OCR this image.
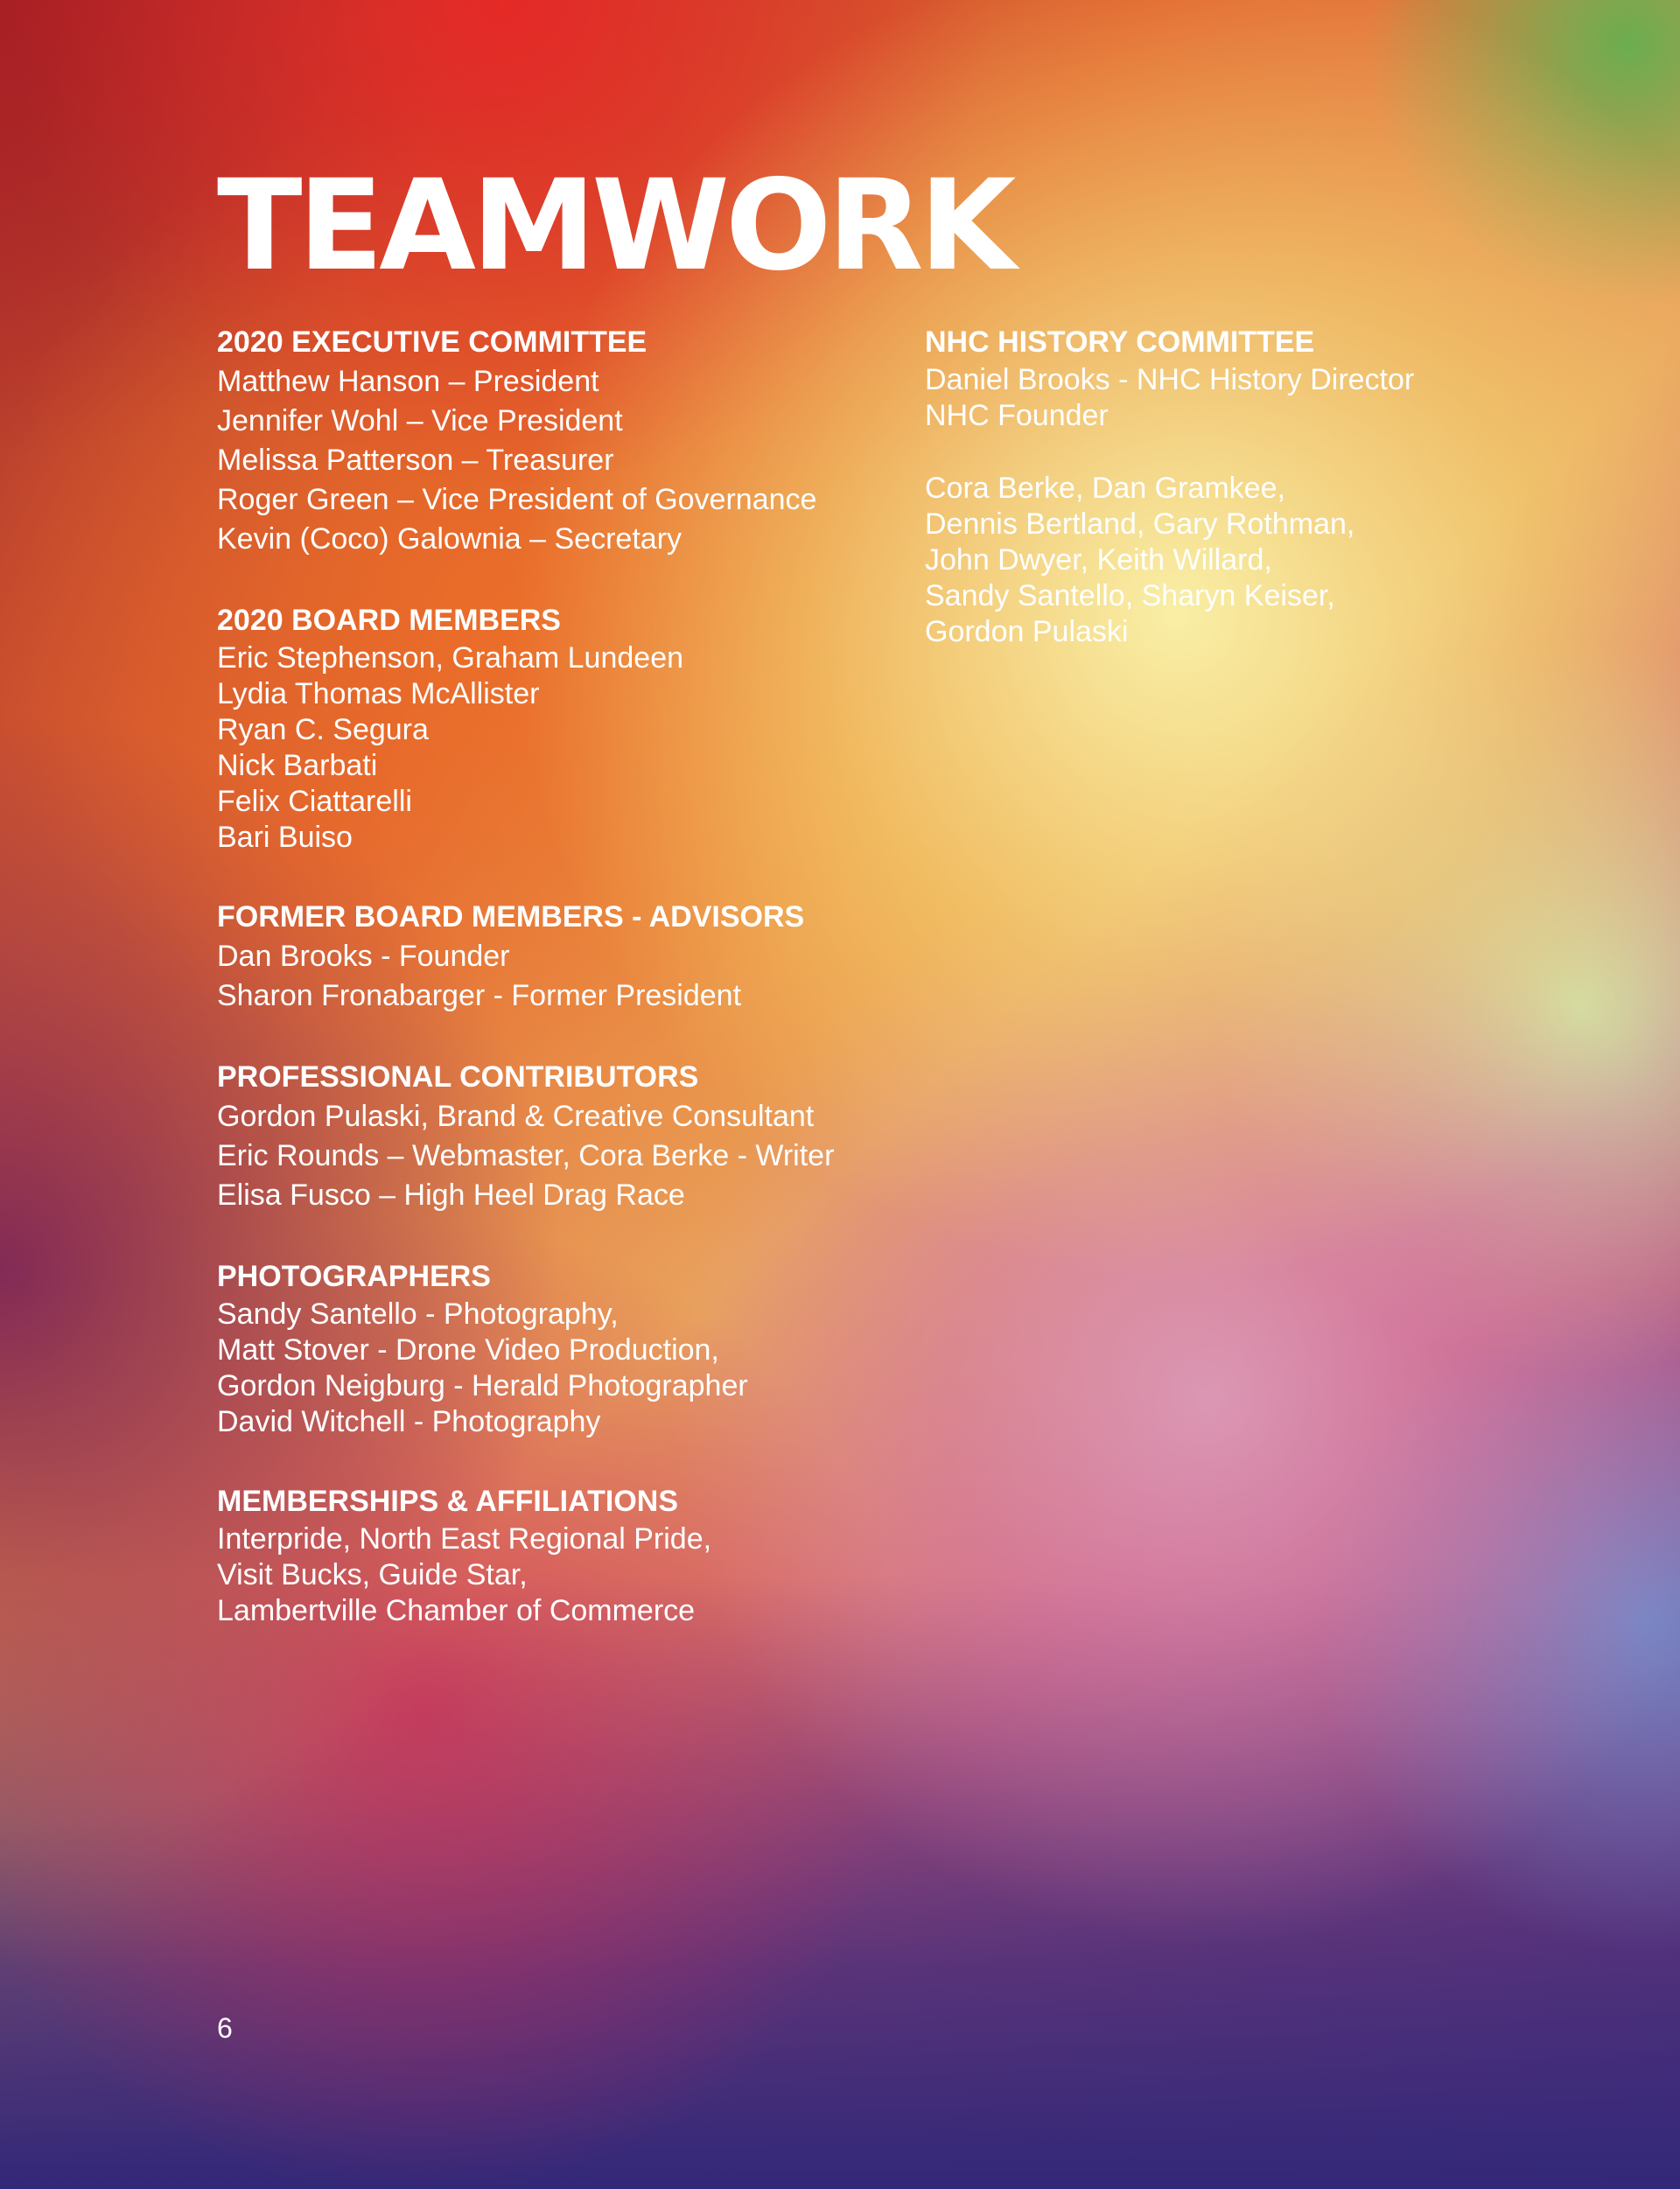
TEAMWORK

2020 EXECUTIVE COMMITTEE

Matthew Hanson – President

Jennifer Wohl – Vice President

Melissa Patterson – Treasurer

Roger Green – Vice President of Governance

Kevin (Coco) Galownia – Secretary

2020 BOARD MEMBERS

Eric Stephenson, Graham Lundeen

Lydia Thomas McAllister

Ryan C. Segura

Nick Barbati

Felix Ciattarelli

Bari Buiso

FORMER BOARD MEMBERS - ADVISORS

Dan Brooks - Founder

Sharon Fronabarger - Former President

PROFESSIONAL CONTRIBUTORS

Gordon Pulaski, Brand & Creative Consultant

Eric Rounds – Webmaster, Cora Berke - Writer

Elisa Fusco – High Heel Drag Race

PHOTOGRAPHERS

Sandy Santello - Photography,

Matt Stover - Drone Video Production,

Gordon Neigburg - Herald Photographer

David Witchell - Photography

MEMBERSHIPS & AFFILIATIONS

Interpride, North East Regional Pride,

Visit Bucks, Guide Star,

Lambertville Chamber of Commerce

NHC HISTORY COMMITTEE

Daniel Brooks - NHC History Director

NHC Founder

Cora Berke, Dan Gramkee,

Dennis Bertland, Gary Rothman,

John Dwyer, Keith Willard,

Sandy Santello, Sharyn Keiser,

Gordon Pulaski

6
